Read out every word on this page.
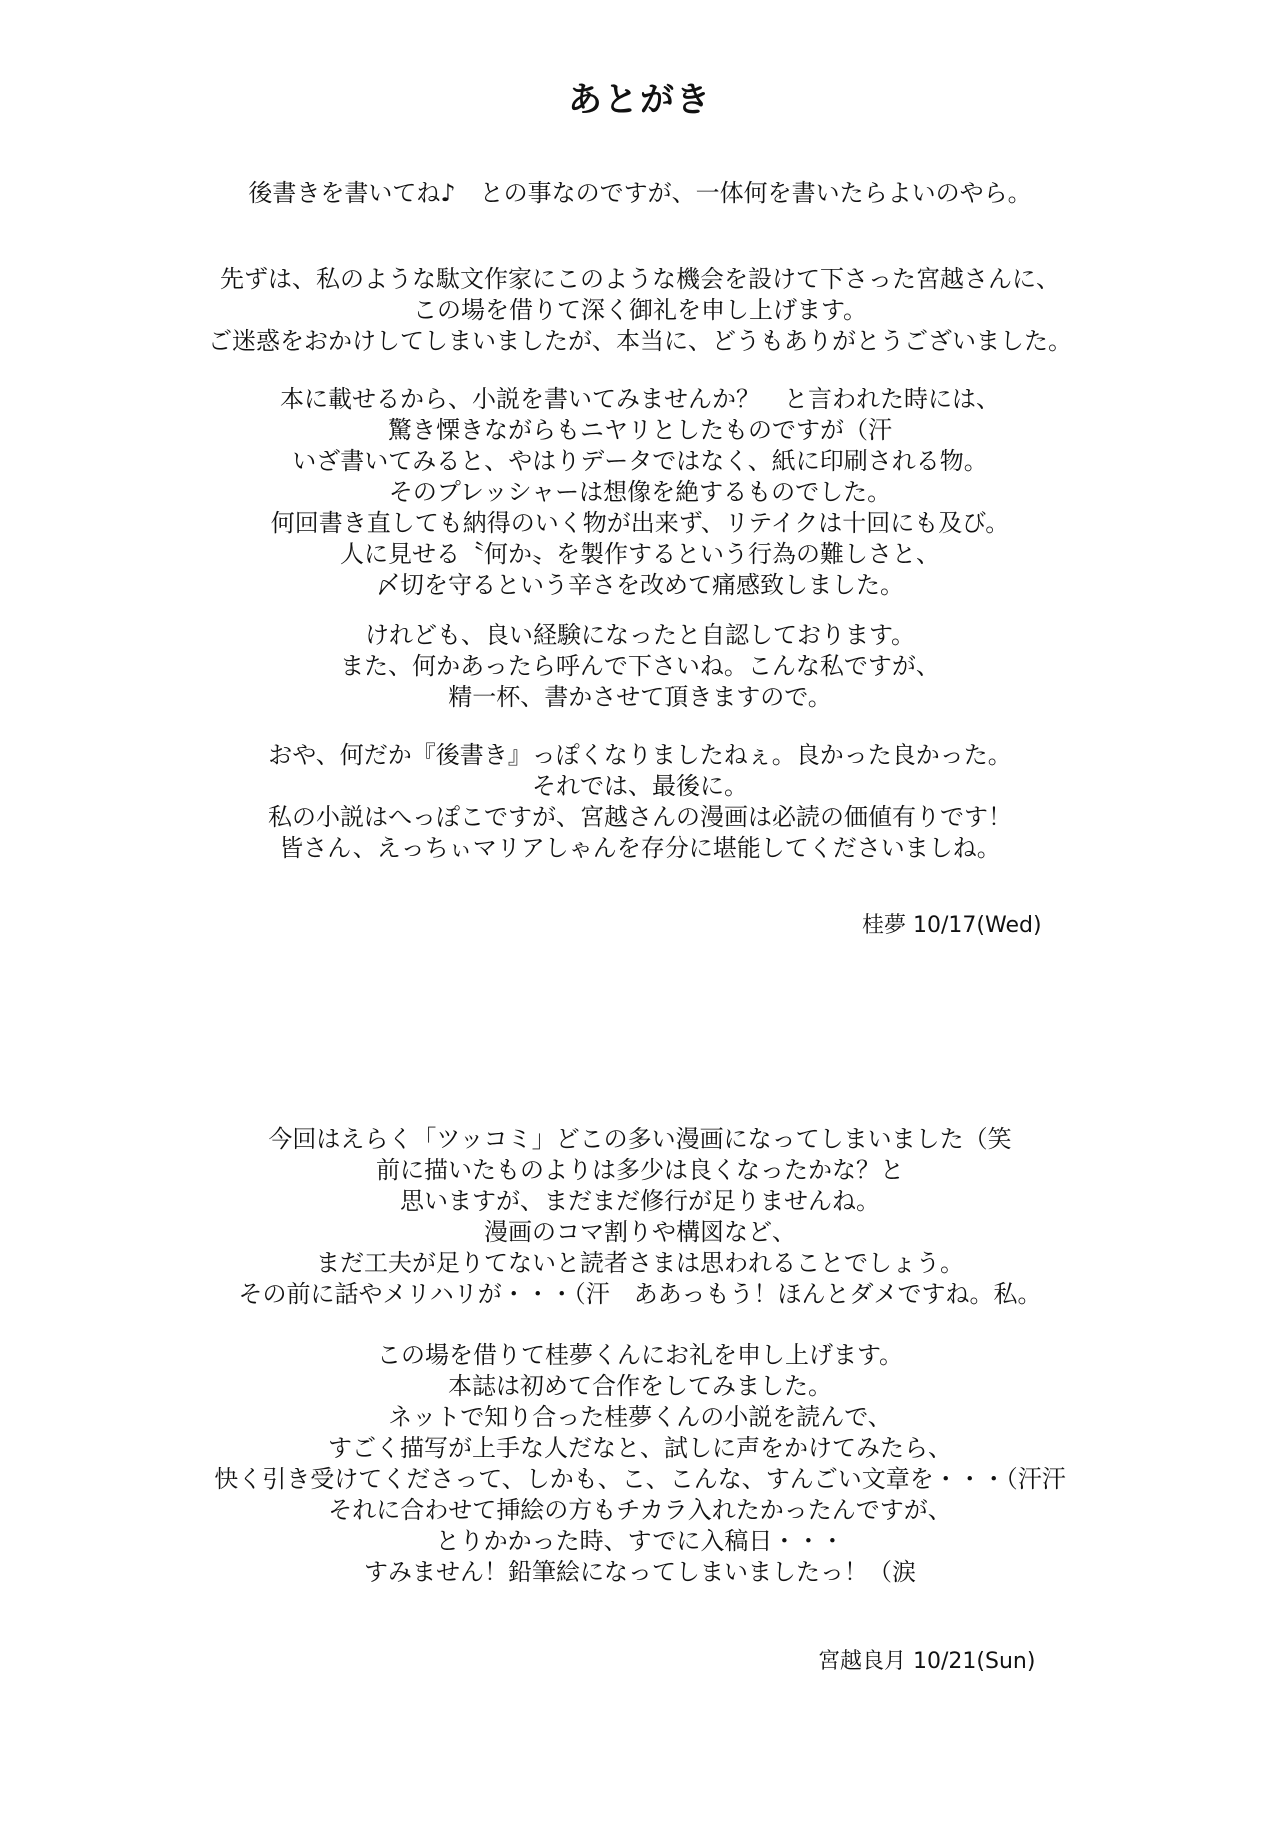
あとがき
後書きを書いてね♪　との事なのですが、一体何を書いたらよいのやら。
先ずは、私のような駄文作家にこのような機会を設けて下さった宮越さんに、
この場を借りて深く御礼を申し上げます。
ご迷惑をおかけしてしまいましたが、本当に、どうもありがとうございました。
本に載せるから、小説を書いてみませんか？　と言われた時には、
驚き慄きながらもニヤリとしたものですが（汗
いざ書いてみると、やはりデータではなく、紙に印刷される物。
そのプレッシャーは想像を絶するものでした。
何回書き直しても納得のいく物が出来ず、リテイクは十回にも及び。
人に見せる〝何か〟を製作するという行為の難しさと、
〆切を守るという辛さを改めて痛感致しました。
けれども、良い経験になったと自認しております。
また、何かあったら呼んで下さいね。こんな私ですが、
精一杯、書かさせて頂きますので。
おや、何だか『後書き』っぽくなりましたねぇ。良かった良かった。
それでは、最後に。
私の小説はへっぽこですが、宮越さんの漫画は必読の価値有りです！
皆さん、えっちぃマリアしゃんを存分に堪能してくださいましね。
桂夢 10/17(Wed)
今回はえらく「ツッコミ」どこの多い漫画になってしまいました（笑
前に描いたものよりは多少は良くなったかな？と
思いますが、まだまだ修行が足りませんね。
漫画のコマ割りや構図など、
まだ工夫が足りてないと読者さまは思われることでしょう。
その前に話やメリハリが・・・（汗　ああっもう！ほんとダメですね。私。
この場を借りて桂夢くんにお礼を申し上げます。
本誌は初めて合作をしてみました。
ネットで知り合った桂夢くんの小説を読んで、
すごく描写が上手な人だなと、試しに声をかけてみたら、
快く引き受けてくださって、しかも、こ、こんな、すんごい文章を・・・（汗汗
それに合わせて挿絵の方もチカラ入れたかったんですが、
とりかかった時、すでに入稿日・・・
すみません！鉛筆絵になってしまいましたっ！（涙
宮越良月 10/21(Sun)
